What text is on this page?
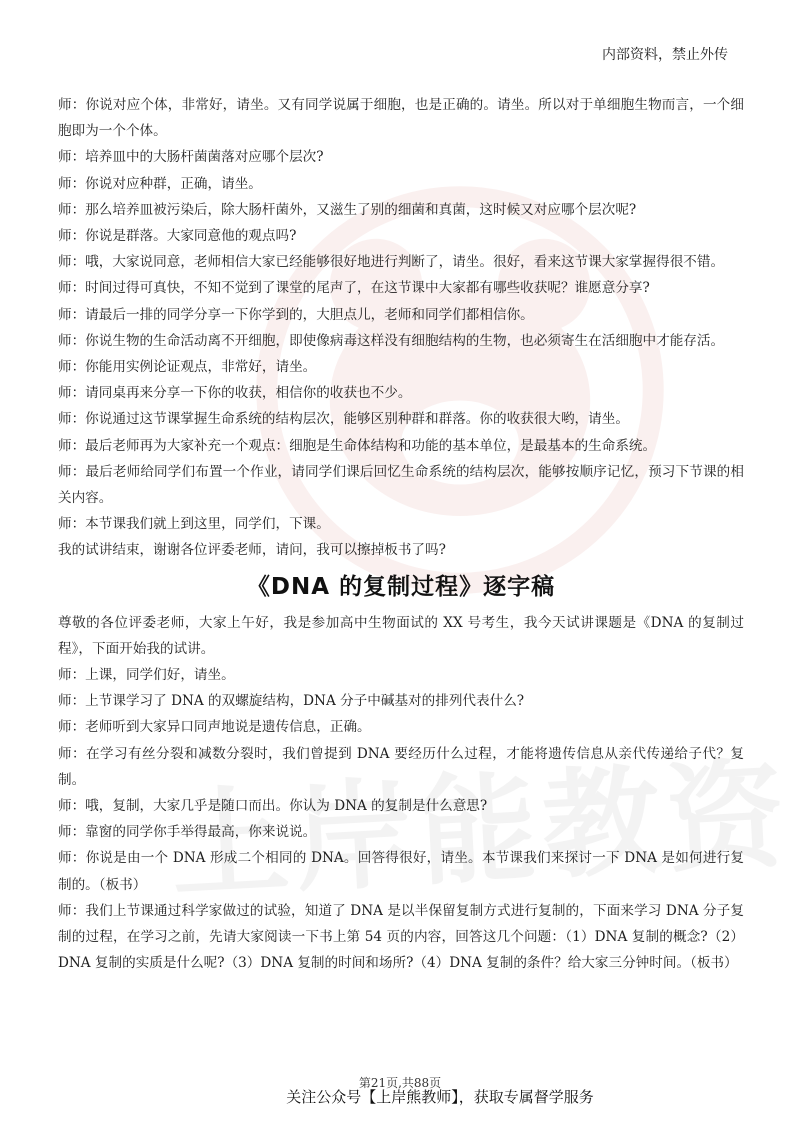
内部资料，禁止外传

师：你说对应个体，非常好，请坐。又有同学说属于细胞，也是正确的。请坐。所以对于单细胞生物而言，一个细胞即为一个个体。

师：培养皿中的大肠杆菌菌落对应哪个层次?

师：你说对应种群，正确，请坐。

师：那么培养皿被污染后，除大肠杆菌外，又滋生了别的细菌和真菌，这时候又对应哪个层次呢?

师：你说是群落。大家同意他的观点吗?

师：哦，大家说同意，老师相信大家已经能够很好地进行判断了，请坐。很好，看来这节课大家掌握得很不错。

师：时间过得可真快，不知不觉到了课堂的尾声了，在这节课中大家都有哪些收获呢？谁愿意分享?

师：请最后一排的同学分享一下你学到的，大胆点儿，老师和同学们都相信你。

师：你说生物的生命活动离不开细胞，即使像病毒这样没有细胞结构的生物，也必须寄生在活细胞中才能存活。

师：你能用实例论证观点，非常好，请坐。

师：请同桌再来分享一下你的收获，相信你的收获也不少。

师：你说通过这节课掌握生命系统的结构层次，能够区别种群和群落。你的收获很大哟，请坐。

师：最后老师再为大家补充一个观点：细胞是生命体结构和功能的基本单位，是最基本的生命系统。

师：最后老师给同学们布置一个作业，请同学们课后回忆生命系统的结构层次，能够按顺序记忆，预习下节课的相关内容。

师：本节课我们就上到这里，同学们，下课。

我的试讲结束，谢谢各位评委老师，请问，我可以擦掉板书了吗?

《DNA 的复制过程》逐字稿

尊敬的各位评委老师，大家上午好，我是参加高中生物面试的 XX 号考生，我今天试讲课题是《DNA 的复制过程》，下面开始我的试讲。

师：上课，同学们好，请坐。

师：上节课学习了 DNA 的双螺旋结构，DNA 分子中碱基对的排列代表什么?

师：老师听到大家异口同声地说是遗传信息，正确。

师：在学习有丝分裂和减数分裂时，我们曾提到 DNA 要经历什么过程，才能将遗传信息从亲代传递给子代？复制。

师：哦，复制，大家几乎是随口而出。你认为 DNA 的复制是什么意思?

师：靠窗的同学你手举得最高，你来说说。

师：你说是由一个 DNA 形成二个相同的 DNA。回答得很好，请坐。本节课我们来探讨一下 DNA 是如何进行复制的。（板书）

师：我们上节课通过科学家做过的试验，知道了 DNA 是以半保留复制方式进行复制的，下面来学习 DNA 分子复制的过程，在学习之前，先请大家阅读一下书上第 54 页的内容，回答这几个问题：（1）DNA 复制的概念?（2）DNA 复制的实质是什么呢?（3）DNA 复制的时间和场所?（4）DNA 复制的条件？给大家三分钟时间。（板书）

第21页,共88页
关注公众号【上岸熊教师】，获取专属督学服务
